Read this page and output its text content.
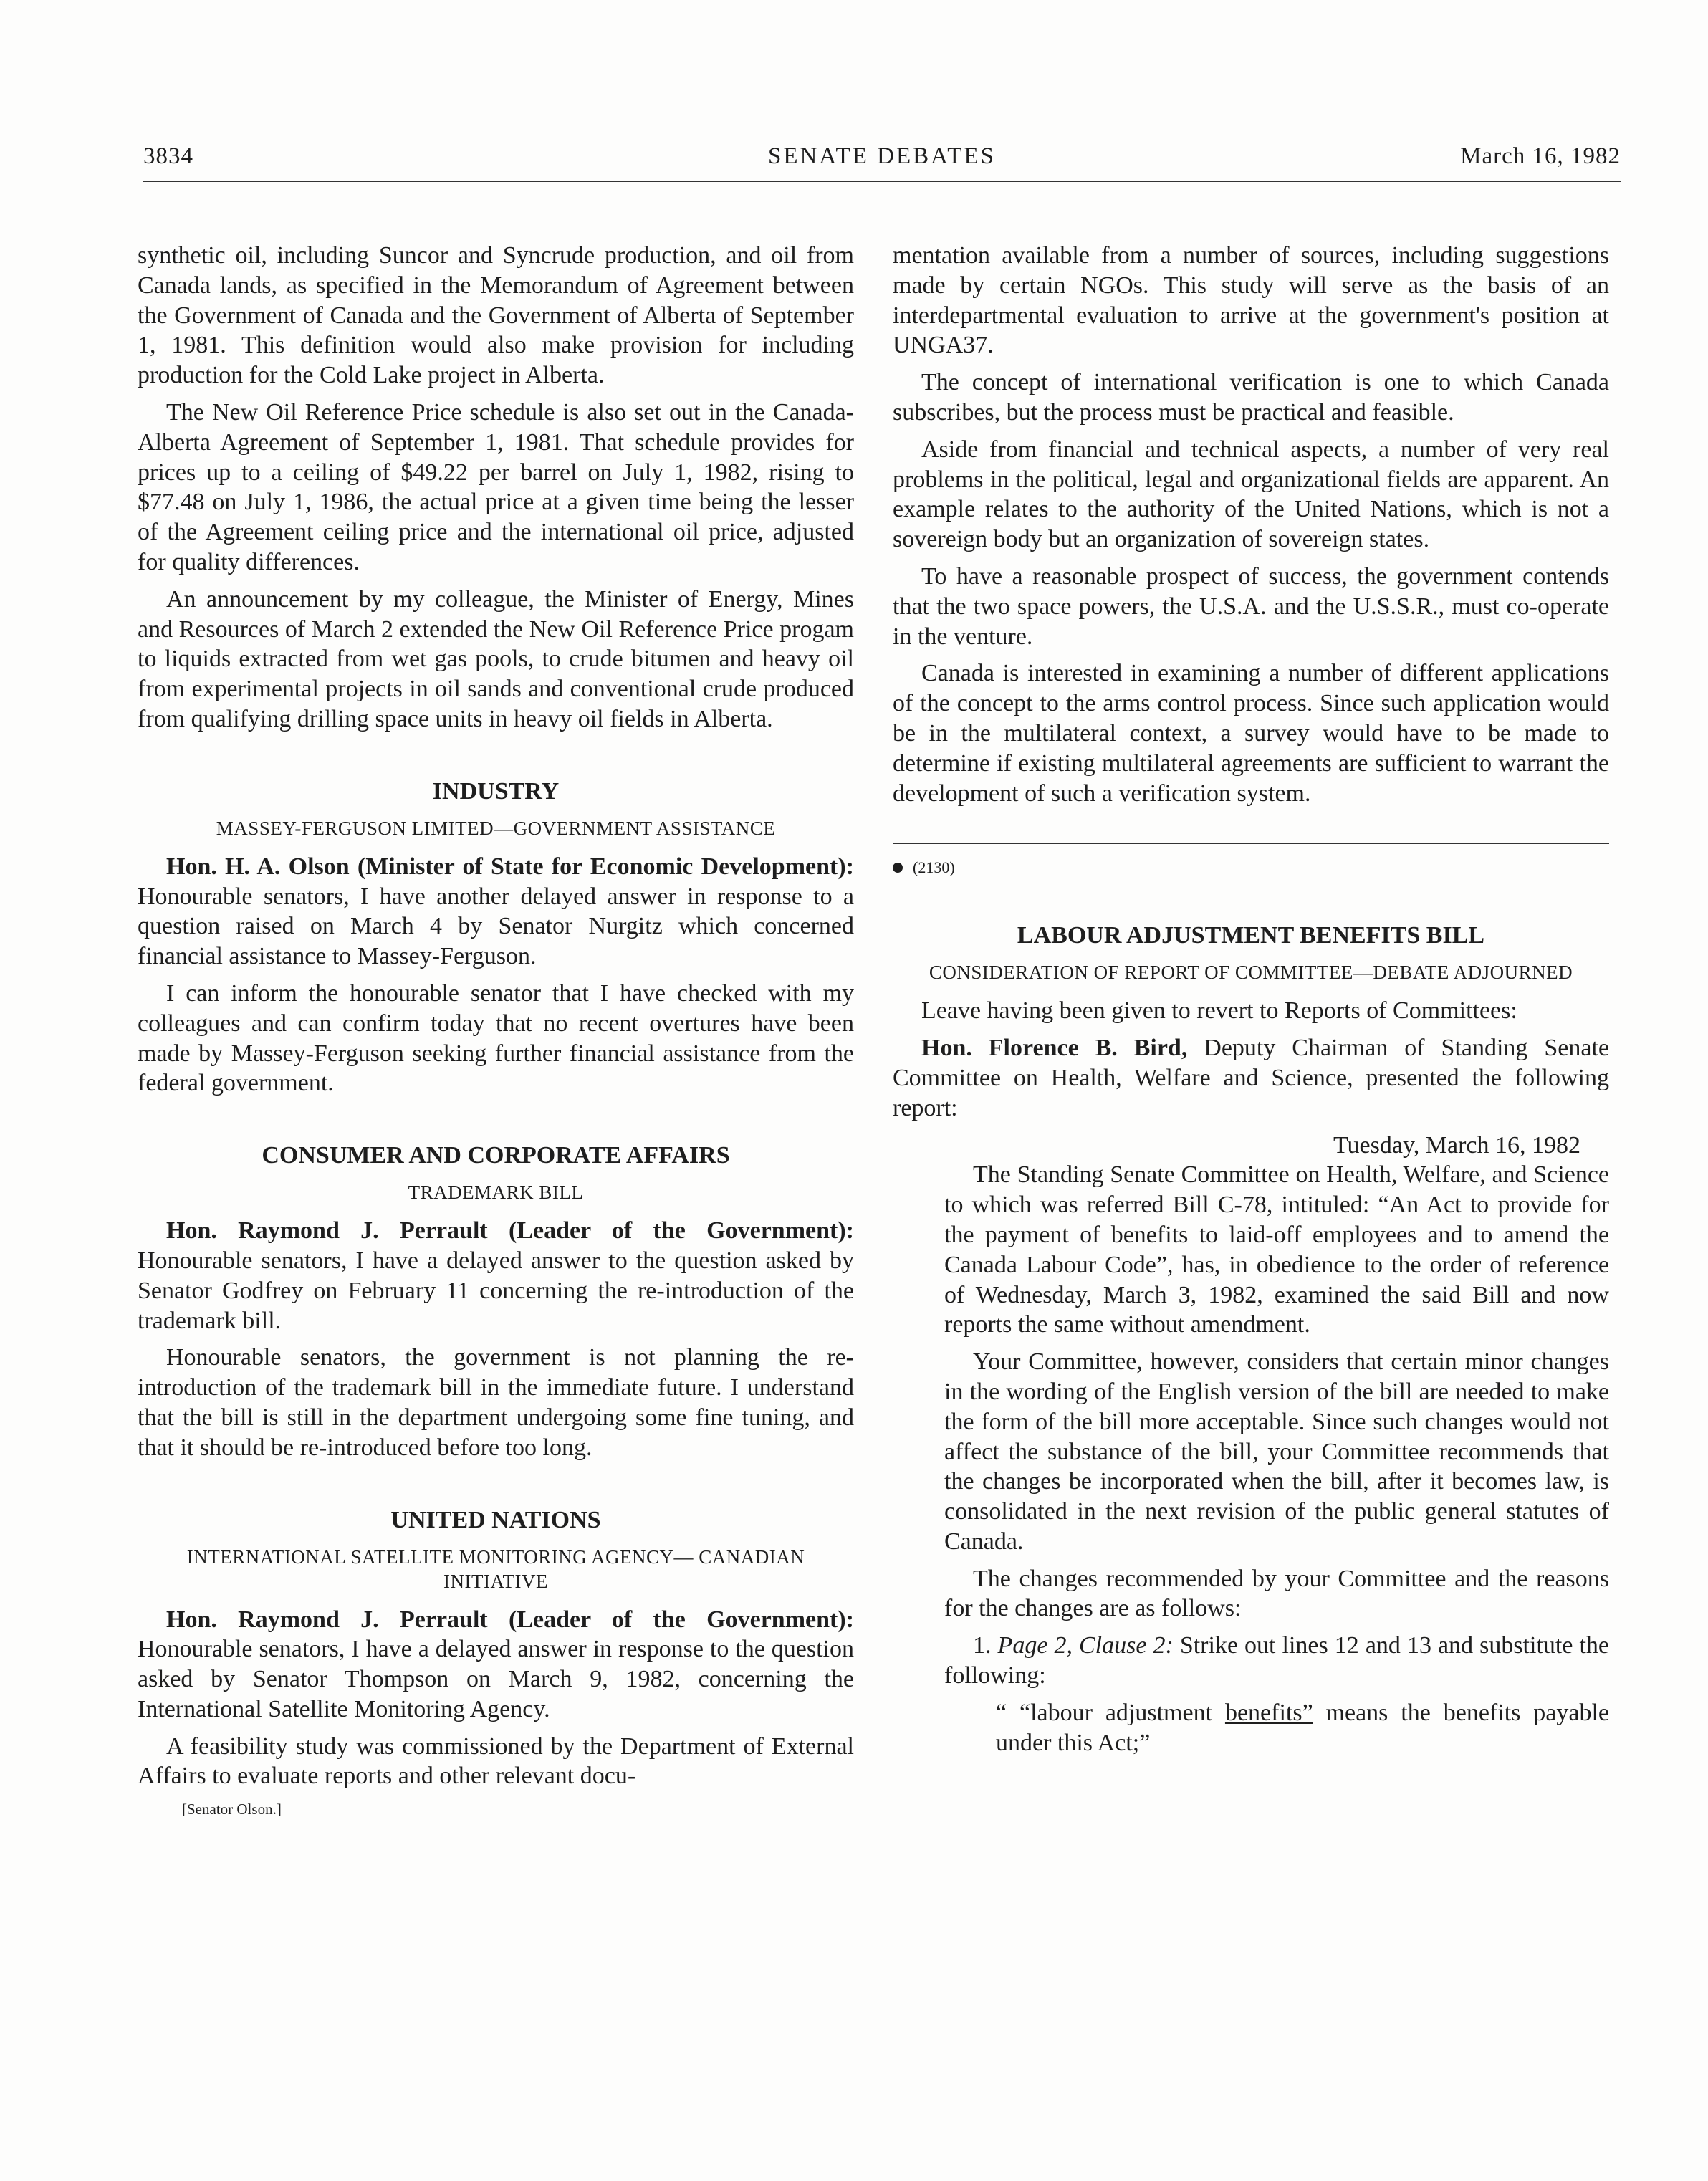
3834	SENATE DEBATES	March 16, 1982

synthetic oil, including Suncor and Syncrude production, and oil from Canada lands, as specified in the Memorandum of Agreement between the Government of Canada and the Government of Alberta of September 1, 1981. This definition would also make provision for including production for the Cold Lake project in Alberta.

The New Oil Reference Price schedule is also set out in the Canada-Alberta Agreement of September 1, 1981. That schedule provides for prices up to a ceiling of $49.22 per barrel on July 1, 1982, rising to $77.48 on July 1, 1986, the actual price at a given time being the lesser of the Agreement ceiling price and the international oil price, adjusted for quality differences.

An announcement by my colleague, the Minister of Energy, Mines and Resources of March 2 extended the New Oil Reference Price progam to liquids extracted from wet gas pools, to crude bitumen and heavy oil from experimental projects in oil sands and conventional crude produced from qualifying drilling space units in heavy oil fields in Alberta.

INDUSTRY
MASSEY-FERGUSON LIMITED—GOVERNMENT ASSISTANCE

Hon. H. A. Olson (Minister of State for Economic Development): Honourable senators, I have another delayed answer in response to a question raised on March 4 by Senator Nurgitz which concerned financial assistance to Massey-Ferguson.

I can inform the honourable senator that I have checked with my colleagues and can confirm today that no recent overtures have been made by Massey-Ferguson seeking further financial assistance from the federal government.

CONSUMER AND CORPORATE AFFAIRS
TRADEMARK BILL

Hon. Raymond J. Perrault (Leader of the Government): Honourable senators, I have a delayed answer to the question asked by Senator Godfrey on February 11 concerning the re-introduction of the trademark bill.

Honourable senators, the government is not planning the re-introduction of the trademark bill in the immediate future. I understand that the bill is still in the department undergoing some fine tuning, and that it should be re-introduced before too long.

UNITED NATIONS
INTERNATIONAL SATELLITE MONITORING AGENCY— CANADIAN INITIATIVE

Hon. Raymond J. Perrault (Leader of the Government): Honourable senators, I have a delayed answer in response to the question asked by Senator Thompson on March 9, 1982, concerning the International Satellite Monitoring Agency.

A feasibility study was commissioned by the Department of External Affairs to evaluate reports and other relevant docu-

[Senator Olson.]

mentation available from a number of sources, including suggestions made by certain NGOs. This study will serve as the basis of an interdepartmental evaluation to arrive at the government's position at UNGA37.

The concept of international verification is one to which Canada subscribes, but the process must be practical and feasible.

Aside from financial and technical aspects, a number of very real problems in the political, legal and organizational fields are apparent. An example relates to the authority of the United Nations, which is not a sovereign body but an organization of sovereign states.

To have a reasonable prospect of success, the government contends that the two space powers, the U.S.A. and the U.S.S.R., must co-operate in the venture.

Canada is interested in examining a number of different applications of the concept to the arms control process. Since such application would be in the multilateral context, a survey would have to be made to determine if existing multilateral agreements are sufficient to warrant the development of such a verification system.

(2130)
LABOUR ADJUSTMENT BENEFITS BILL
CONSIDERATION OF REPORT OF COMMITTEE—DEBATE ADJOURNED

Leave having been given to revert to Reports of Committees:

Hon. Florence B. Bird, Deputy Chairman of Standing Senate Committee on Health, Welfare and Science, presented the following report:

Tuesday, March 16, 1982

The Standing Senate Committee on Health, Welfare, and Science to which was referred Bill C-78, intituled: “An Act to provide for the payment of benefits to laid-off employees and to amend the Canada Labour Code”, has, in obedience to the order of reference of Wednesday, March 3, 1982, examined the said Bill and now reports the same without amendment.

Your Committee, however, considers that certain minor changes in the wording of the English version of the bill are needed to make the form of the bill more acceptable. Since such changes would not affect the substance of the bill, your Committee recommends that the changes be incorporated when the bill, after it becomes law, is consolidated in the next revision of the public general statutes of Canada.

The changes recommended by your Committee and the reasons for the changes are as follows:

1. Page 2, Clause 2: Strike out lines 12 and 13 and substitute the following:

“ “labour adjustment benefits” means the benefits payable under this Act;”
